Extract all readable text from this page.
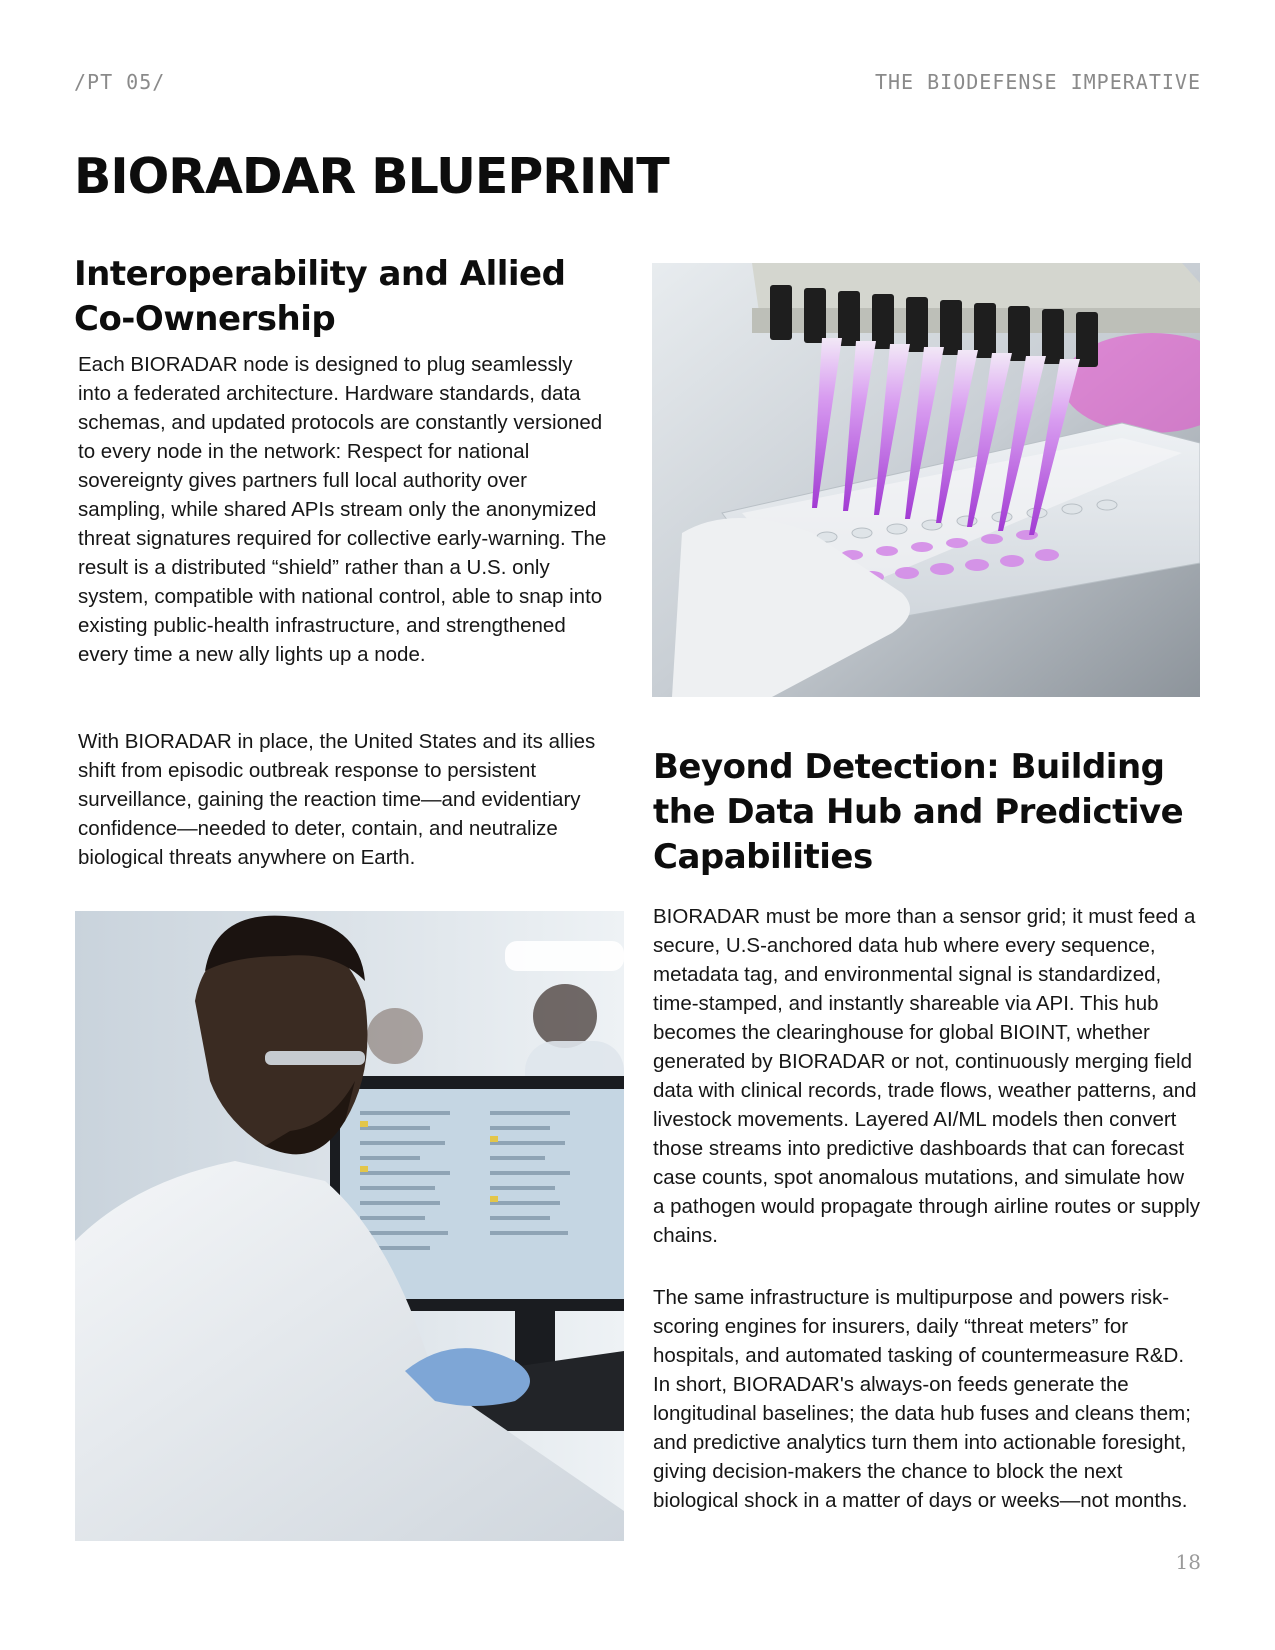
/PT 05/	THE BIODEFENSE IMPERATIVE
BIORADAR BLUEPRINT
Interoperability and Allied Co-Ownership

Each BIORADAR node is designed to plug seamlessly into a federated architecture. Hardware standards, data schemas, and updated protocols are constantly versioned to every node in the network: Respect for national sovereignty gives partners full local authority over sampling, while shared APIs stream only the anonymized threat signatures required for collective early-warning. The result is a distributed “shield” rather than a U.S. only system, compatible with national control, able to snap into existing public-health infrastructure, and strengthened every time a new ally lights up a node.

With BIORADAR in place, the United States and its allies shift from episodic outbreak response to persistent surveillance, gaining the reaction time—and evidentiary confidence—needed to deter, contain, and neutralize biological threats anywhere on Earth.

Beyond Detection: Building the Data Hub and Predictive Capabilities

BIORADAR must be more than a sensor grid; it must feed a secure, U.S-anchored data hub where every sequence, metadata tag, and environmental signal is standardized, time-stamped, and instantly shareable via API. This hub becomes the clearinghouse for global BIOINT, whether generated by BIORADAR or not, continuously merging field data with clinical records, trade flows, weather patterns, and livestock movements. Layered AI/ML models then convert those streams into predictive dashboards that can forecast case counts, spot anomalous mutations, and simulate how a pathogen would propagate through airline routes or supply chains.

The same infrastructure is multipurpose and powers risk-scoring engines for insurers, daily “threat meters” for hospitals, and automated tasking of countermeasure R&D. In short, BIORADAR's always-on feeds generate the longitudinal baselines; the data hub fuses and cleans them; and predictive analytics turn them into actionable foresight, giving decision-makers the chance to block the next biological shock in a matter of days or weeks—not months.

18
